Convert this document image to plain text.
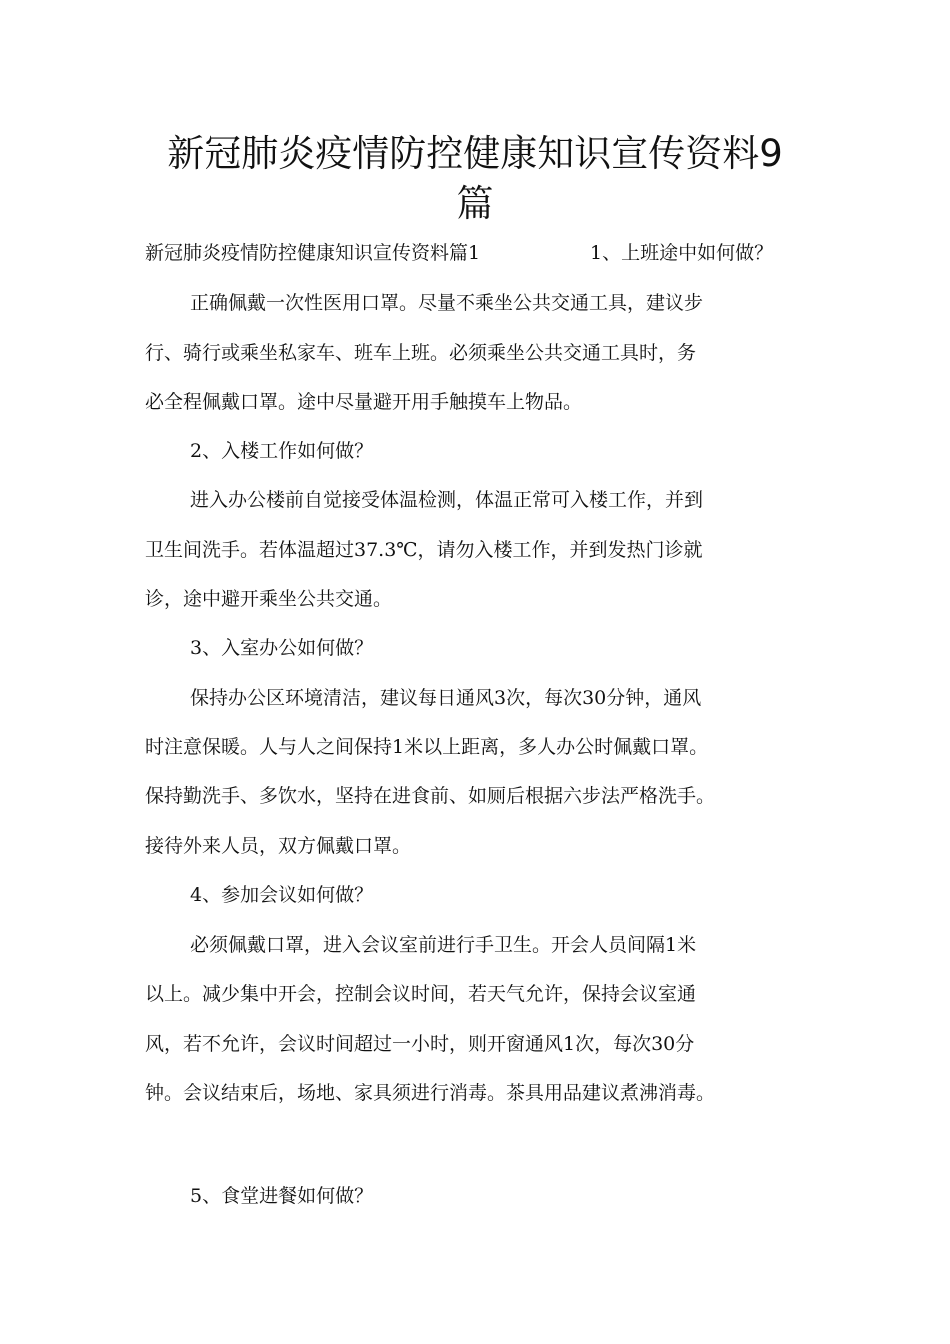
新冠肺炎疫情防控健康知识宣传资料9
篇
新冠肺炎疫情防控健康知识宣传资料篇1	1、上班途中如何做？
正确佩戴一次性医用口罩。尽量不乘坐公共交通工具，建议步
行、骑行或乘坐私家车、班车上班。必须乘坐公共交通工具时，务
必全程佩戴口罩。途中尽量避开用手触摸车上物品。
2、入楼工作如何做？
进入办公楼前自觉接受体温检测，体温正常可入楼工作，并到
卫生间洗手。若体温超过37.3℃，请勿入楼工作，并到发热门诊就
诊，途中避开乘坐公共交通。
3、入室办公如何做？
保持办公区环境清洁，建议每日通风3次，每次30分钟，通风
时注意保暖。人与人之间保持1米以上距离，多人办公时佩戴口罩。
保持勤洗手、多饮水，坚持在进食前、如厕后根据六步法严格洗手。
接待外来人员，双方佩戴口罩。
4、参加会议如何做？
必须佩戴口罩，进入会议室前进行手卫生。开会人员间隔1米
以上。减少集中开会，控制会议时间，若天气允许，保持会议室通
风，若不允许，会议时间超过一小时，则开窗通风1次，每次30分
钟。会议结束后，场地、家具须进行消毒。茶具用品建议煮沸消毒。
5、食堂进餐如何做？
